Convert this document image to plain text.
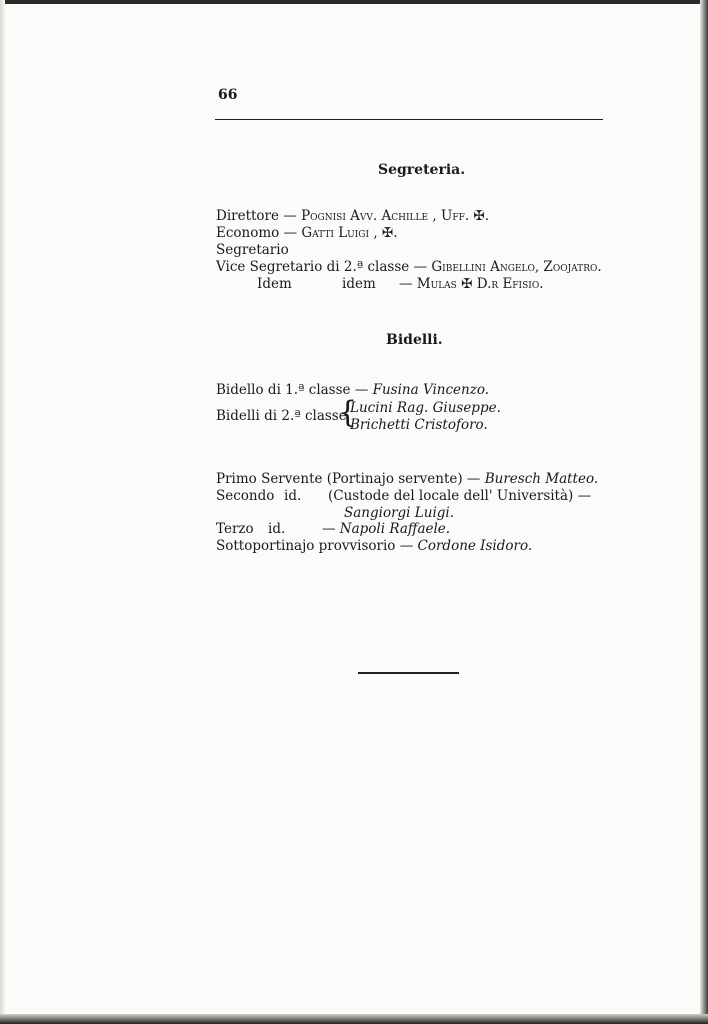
66
Segreteria.
Direttore — Pognisi Avv. Achille , Uff. ✠.
Economo — Gatti Luigi , ✠.
Segretario
Vice Segretario di 2.ª classe — Gibellini Angelo, Zoojatro.
Idem	idem — Mulas ✠ D.r Efisio.
Bidelli.
Bidello di 1.ª classe — Fusina Vincenzo.
Bidelli di 2.ª classe
{
Lucini Rag. Giuseppe.
Brichetti Cristoforo.
Primo Servente (Portinajo servente) — Buresch Matteo.
Secondo id. (Custode del locale dell' Università) —
Sangiorgi Luigi.
Terzo id.	— Napoli Raffaele.
Sottoportinajo provvisorio — Cordone Isidoro.
